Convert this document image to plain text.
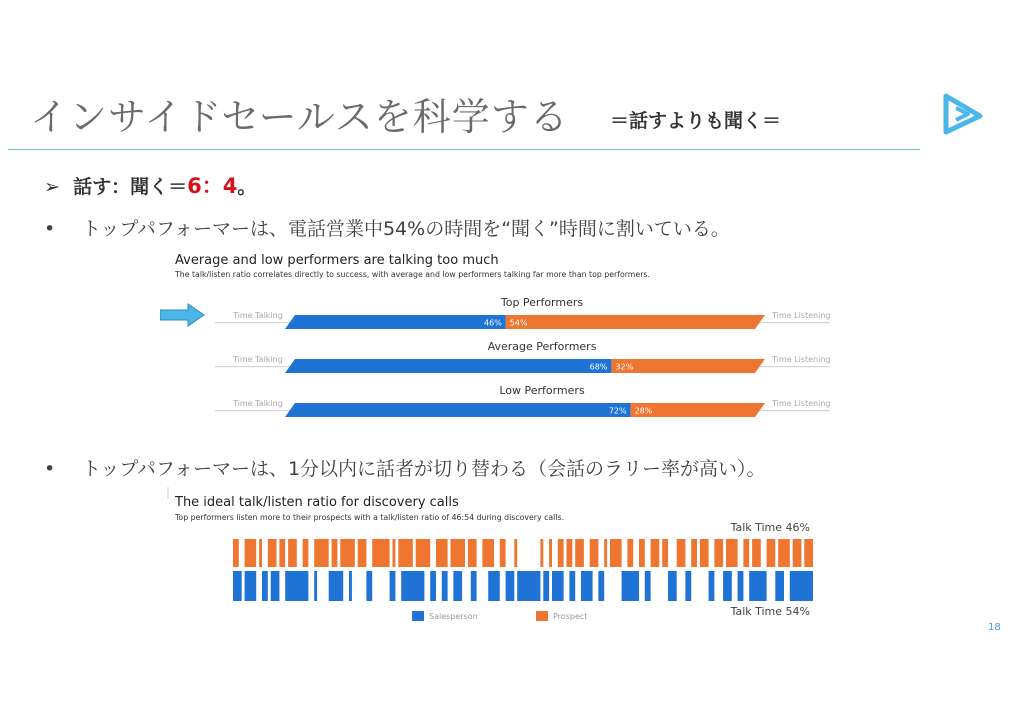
インサイドセールスを科学する ＝話すよりも聞く＝
➢ 話す：聞く＝6：4。
• トップパフォーマーは、電話営業中54%の時間を“聞く”時間に割いている。
• トップパフォーマーは、1分以内に話者が切り替わる（会話のラリー率が高い）。
Average and low performers are talking too much
The talk/listen ratio correlates directly to success, with average and low performers talking far more than top performers.
Top Performers
Time Talking	Time Listening
46% 54%
Average Performers
Time Talking	Time Listening
68% 32%
Low Performers
Time Talking	Time Listening
72% 28%
The ideal talk/listen ratio for discovery calls
Top performers listen more to their prospects with a talk/listen ratio of 46:54 during discovery calls.
Talk Time 46%
Talk Time 54%
Salesperson	Prospect
18
